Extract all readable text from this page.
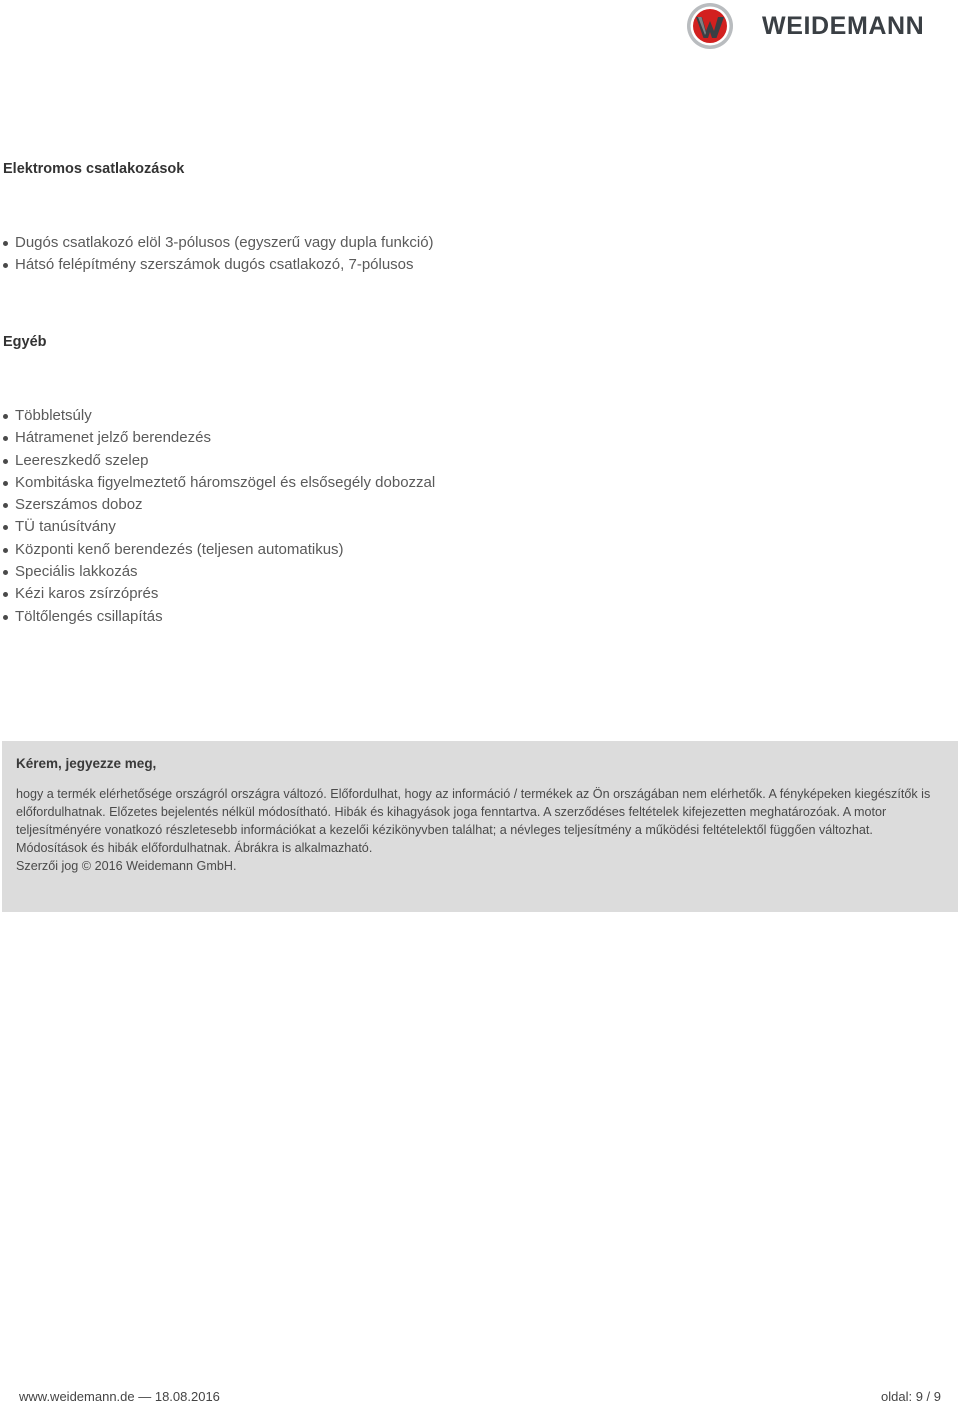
WEIDEMANN
Elektromos csatlakozások
Dugós csatlakozó elöl 3-pólusos (egyszerű vagy dupla funkció)
Hátsó felépítmény szerszámok dugós csatlakozó, 7-pólusos
Egyéb
Többletsúly
Hátramenet jelző berendezés
Leereszkedő szelep
Kombitáska figyelmeztető háromszögel és elsősegély dobozzal
Szerszámos doboz
TÜ tanúsítvány
Központi kenő berendezés (teljesen automatikus)
Speciális lakkozás
Kézi karos zsírzóprés
Töltőlengés csillapítás
Kérem, jegyezze meg,

hogy a termék elérhetősége országról országra változó. Előfordulhat, hogy az információ / termékek az Ön országában nem elérhetők. A fényképeken kiegészítők is előfordulhatnak. Előzetes bejelentés nélkül módosítható. Hibák és kihagyások joga fenntartva. A szerződéses feltételek kifejezetten meghatározóak. A motor teljesítményére vonatkozó részletesebb információkat a kezelői kézikönyvben találhat; a névleges teljesítmény a működési feltételektől függően változhat.

Módosítások és hibák előfordulhatnak. Ábrákra is alkalmazható.

Szerzői jog © 2016 Weidemann GmbH.

www.weidemann.de — 18.08.2016	oldal: 9 / 9
